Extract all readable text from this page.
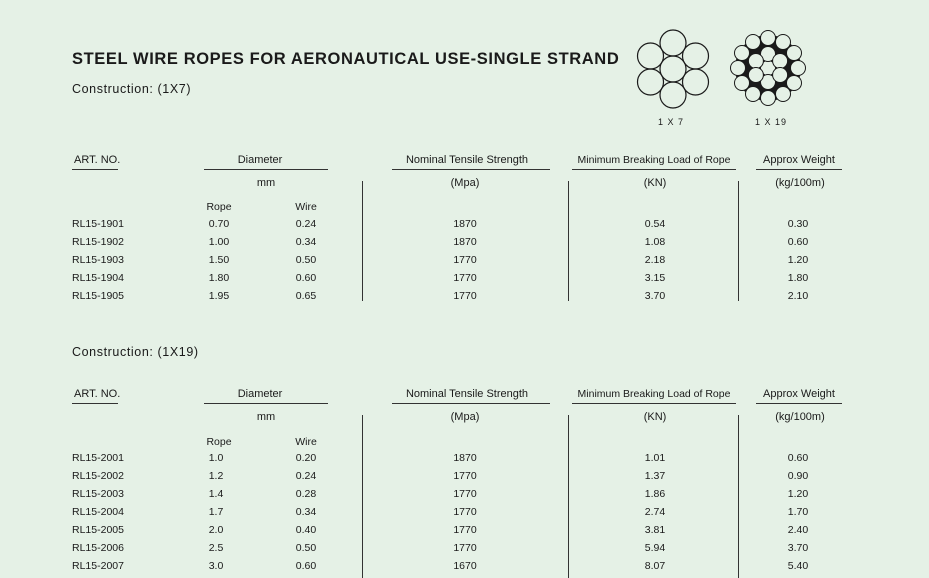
STEEL WIRE ROPES FOR AERONAUTICAL USE-SINGLE STRAND
1 X 7	1 X 19
Construction: (1X7)
ART. NO.	Diameter	Nominal Tensile Strength	Minimum Breaking Load of Rope	Approx Weight
mm	(Mpa)	(KN)	(kg/100m)
Rope	Wire
RL15-1901	0.70	0.24	1870	0.54	0.30
RL15-1902	1.00	0.34	1870	1.08	0.60
RL15-1903	1.50	0.50	1770	2.18	1.20
RL15-1904	1.80	0.60	1770	3.15	1.80
RL15-1905	1.95	0.65	1770	3.70	2.10
Construction: (1X19)
ART. NO.	Diameter	Nominal Tensile Strength	Minimum Breaking Load of Rope	Approx Weight
mm	(Mpa)	(KN)	(kg/100m)
Rope	Wire
RL15-2001	1.0	0.20	1870	1.01	0.60
RL15-2002	1.2	0.24	1770	1.37	0.90
RL15-2003	1.4	0.28	1770	1.86	1.20
RL15-2004	1.7	0.34	1770	2.74	1.70
RL15-2005	2.0	0.40	1770	3.81	2.40
RL15-2006	2.5	0.50	1770	5.94	3.70
RL15-2007	3.0	0.60	1670	8.07	5.40
